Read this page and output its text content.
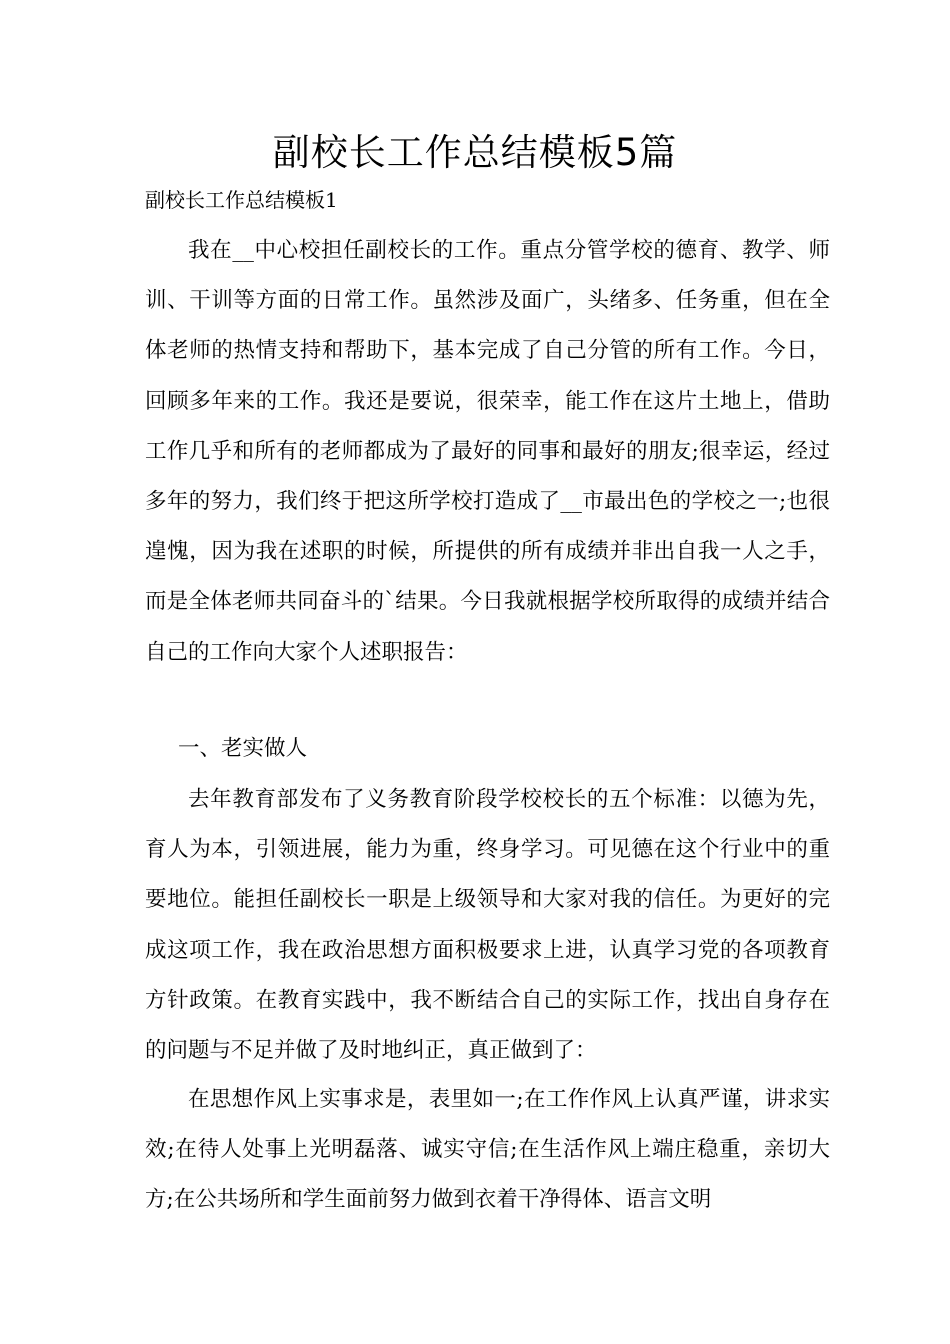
副校长工作总结模板5篇

副校长工作总结模板1

我在__中心校担任副校长的工作。重点分管学校的德育、教学、师训、干训等方面的日常工作。虽然涉及面广，头绪多、任务重，但在全体老师的热情支持和帮助下，基本完成了自己分管的所有工作。今日，回顾多年来的工作。我还是要说，很荣幸，能工作在这片土地上，借助工作几乎和所有的老师都成为了最好的同事和最好的朋友;很幸运，经过多年的努力，我们终于把这所学校打造成了__市最出色的学校之一;也很遑愧，因为我在述职的时候，所提供的所有成绩并非出自我一人之手，而是全体老师共同奋斗的`结果。今日我就根据学校所取得的成绩并结合自己的工作向大家个人述职报告：

一、老实做人

去年教育部发布了义务教育阶段学校校长的五个标准：以德为先，育人为本，引领进展，能力为重，终身学习。可见德在这个行业中的重要地位。能担任副校长一职是上级领导和大家对我的信任。为更好的完成这项工作，我在政治思想方面积极要求上进，认真学习党的各项教育方针政策。在教育实践中，我不断结合自己的实际工作，找出自身存在的问题与不足并做了及时地纠正，真正做到了：

在思想作风上实事求是，表里如一;在工作作风上认真严谨，讲求实效;在待人处事上光明磊落、诚实守信;在生活作风上端庄稳重，亲切大方;在公共场所和学生面前努力做到衣着干净得体、语言文明
